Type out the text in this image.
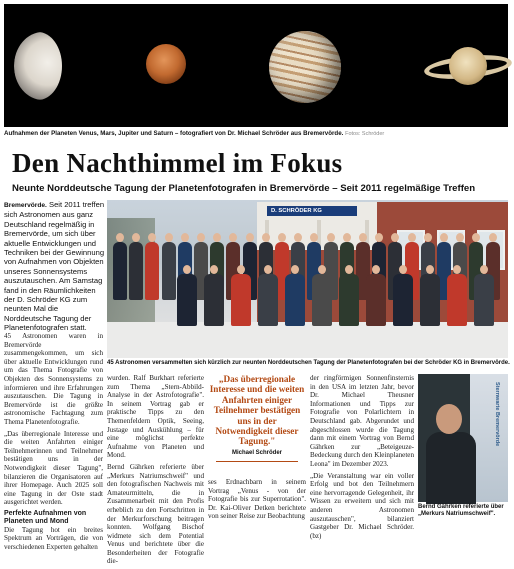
Aufnahmen der Planeten Venus, Mars, Jupiter und Saturn – fotografiert von Dr. Michael Schröder aus Bremervörde. Fotos: Schröder
Den Nachthimmel im Fokus
Neunte Norddeutsche Tagung der Planetenfotografen in Bremervörde – Seit 2011 regelmäßige Treffen
Bremervörde. Seit 2011 treffen sich Astronomen aus ganz Deutschland regelmäßig in Bremervörde, um sich über aktuelle Entwicklungen und Techniken bei der Gewinnung von Aufnahmen von Objekten unseres Sonnensystems auszutauschen. Am Samstag fand in den Räumlichkeiten der D. Schröder KG zum neunten Mal die Norddeutsche Tagung der Planetenfotografen statt.
D. SCHRÖDER KG
45 Astronomen versammelten sich kürzlich zur neunten Norddeutschen Tagung der Planetenfotografen bei der Schröder KG in Bremervörde.

45 Astronomen waren in Bremervörde zusammengekommen, um sich über aktuelle Entwicklungen rund um das Thema Fotografie von Objekten des Sonnensystems zu informieren und ihre Erfahrungen auszutauschen. Die Tagung in Bremervörde ist die größte astronomische Fachtagung zum Thema Planetenfotografie.

„Das überregionale Interesse und die weiten Anfahrten einiger Teilnehmerinnen und Teilnehmer bestätigen uns in der Notwendigkeit dieser Tagung", bilanzieren die Organisatoren auf ihrer Homepage. Auch 2025 soll eine Tagung in der Oste stadt ausgerichtet werden.

Perfekte Aufnahmen von Planeten und Mond

Die Tagung hot ein breites Spektrum an Vorträgen, die von verschiedenen Experten gehalten

wurden. Ralf Burkhart referierte zum Thema „Stern-Abbild-Analyse in der Astrofotografie". In seinem Vortrag gab er praktische Tipps zu den Themenfeldern Optik, Seeing, Justage und Auskühlung – für eine möglichst perfekte Aufnahme von Planeten und Mond.

Bernd Gährken referierte über „Merkurs Natriumschweif" und den fotografischen Nachweis mit Amateurmitteln, die in Zusammenarbeit mit den Profis erheblich zu den Fortschritten in der Merkurforschung beitragen konnten. Wolfgang Bischof widmete sich dem Potential Venus und berichtete über die Besonderheiten der Fotografie die-

„Das überregionale Interesse und die weiten Anfahrten einiger Teilnehmer bestätigen uns in der Notwendigkeit dieser Tagung."
Michael Schröder

ses Erdnachbarn in seinem Vortrag „Venus - von der Fotografie bis zur Superrotation". Dr. Kai-Oliver Detken berichtete von seiner Reise zur Beobachtung

der ringförmigen Sonnenfinsternis in den USA im letzten Jahr, bevor Dr. Michael Theusner Informationen und Tipps zur Fotografie von Polarlichtern in Deutschland gab. Abgerundet und abgeschlossen wurde die Tagung dann mit einem Vortrag von Bernd Gährken zur „Beteigeuze-Bedeckung durch den Kleinplaneten Leona" im Dezember 2023.

„Die Veranstaltung war ein voller Erfolg und bot den Teilnehmern eine hervorragende Gelegenheit, ihr Wissen zu erweitern und sich mit anderen Astronomen auszutauschen", bilanziert Gastgeber Dr. Michael Schröder. (bz)

Sternwarte Bremervörde
Bernd Gährken referierte über „Merkurs Natriumschweif".
